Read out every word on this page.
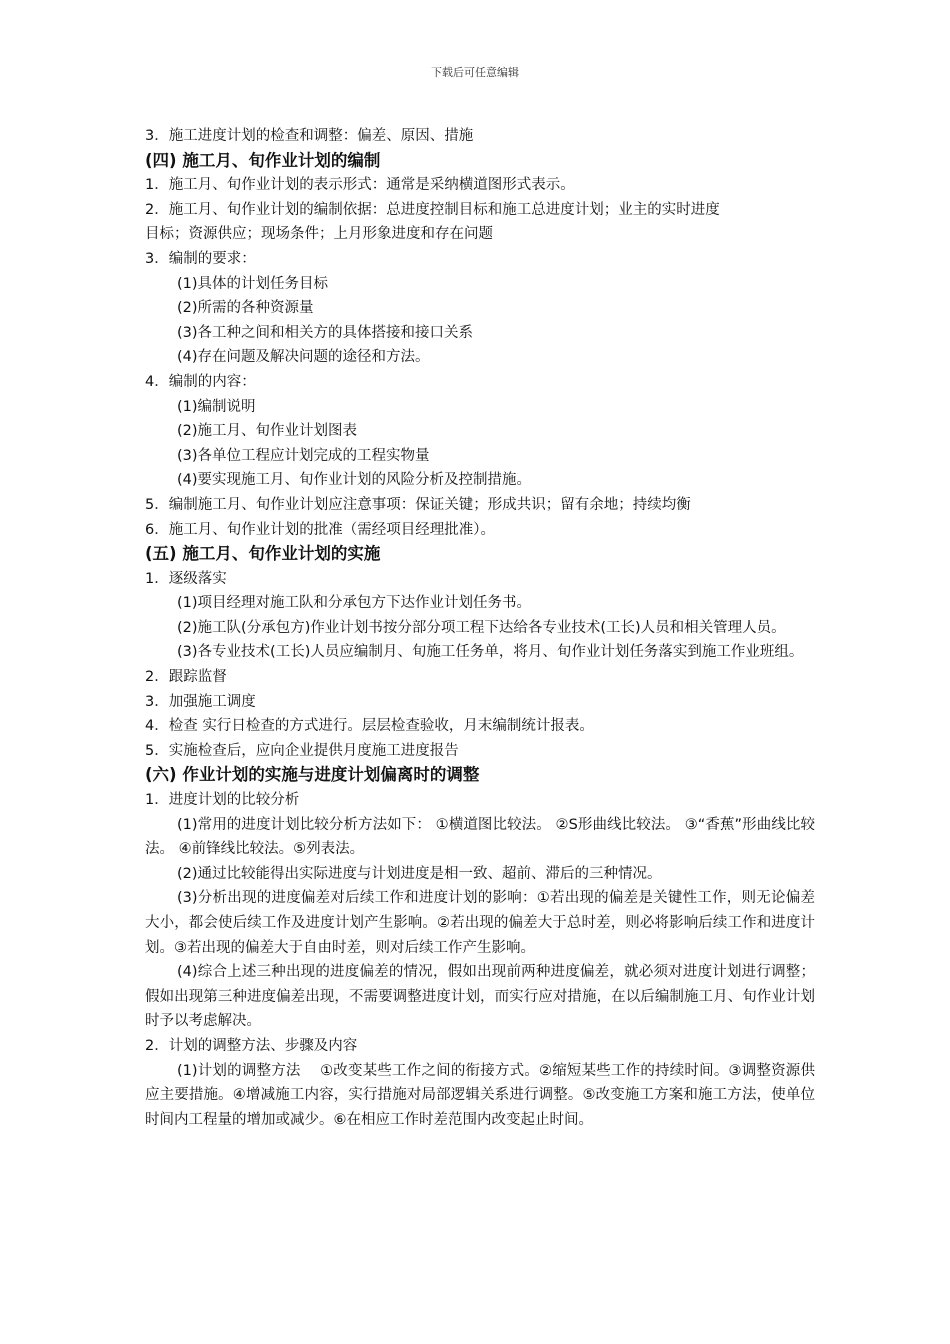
下载后可任意编辑
3．施工进度计划的检查和调整：偏差、原因、措施
(四) 施工月、旬作业计划的编制
1．施工月、旬作业计划的表示形式：通常是采纳横道图形式表示。
2．施工月、旬作业计划的编制依据：总进度控制目标和施工总进度计划；业主的实时进度
目标；资源供应；现场条件；上月形象进度和存在问题
3．编制的要求：
(1)具体的计划任务目标
(2)所需的各种资源量
(3)各工种之间和相关方的具体搭接和接口关系
(4)存在问题及解决问题的途径和方法。
4．编制的内容：
(1)编制说明
(2)施工月、旬作业计划图表
(3)各单位工程应计划完成的工程实物量
(4)要实现施工月、旬作业计划的风险分析及控制措施。
5．编制施工月、旬作业计划应注意事项：保证关键；形成共识；留有余地；持续均衡
6．施工月、旬作业计划的批准（需经项目经理批准）。
(五) 施工月、旬作业计划的实施
1．逐级落实
(1)项目经理对施工队和分承包方下达作业计划任务书。
(2)施工队(分承包方)作业计划书按分部分项工程下达给各专业技术(工长)人员和相关管理人员。
(3)各专业技术(工长)人员应编制月、旬施工任务单，将月、旬作业计划任务落实到施工作业班组。
2．跟踪监督
3．加强施工调度
4．检查 实行日检查的方式进行。层层检查验收，月末编制统计报表。
5．实施检查后，应向企业提供月度施工进度报告
(六) 作业计划的实施与进度计划偏离时的调整
1．进度计划的比较分析
(1)常用的进度计划比较分析方法如下： ①横道图比较法。 ②S形曲线比较法。 ③“香蕉”形曲线比较法。 ④前锋线比较法。⑤列表法。
(2)通过比较能得出实际进度与计划进度是相一致、超前、滞后的三种情况。
(3)分析出现的进度偏差对后续工作和进度计划的影响：①若出现的偏差是关键性工作，则无论偏差大小，都会使后续工作及进度计划产生影响。②若出现的偏差大于总时差，则必将影响后续工作和进度计划。③若出现的偏差大于自由时差，则对后续工作产生影响。
(4)综合上述三种出现的进度偏差的情况，假如出现前两种进度偏差，就必须对进度计划进行调整；假如出现第三种进度偏差出现，不需要调整进度计划，而实行应对措施，在以后编制施工月、旬作业计划时予以考虑解决。
2．计划的调整方法、步骤及内容
(1)计划的调整方法　 ①改变某些工作之间的衔接方式。②缩短某些工作的持续时间。③调整资源供应主要措施。④增减施工内容，实行措施对局部逻辑关系进行调整。⑤改变施工方案和施工方法，使单位时间内工程量的增加或减少。⑥在相应工作时差范围内改变起止时间。
